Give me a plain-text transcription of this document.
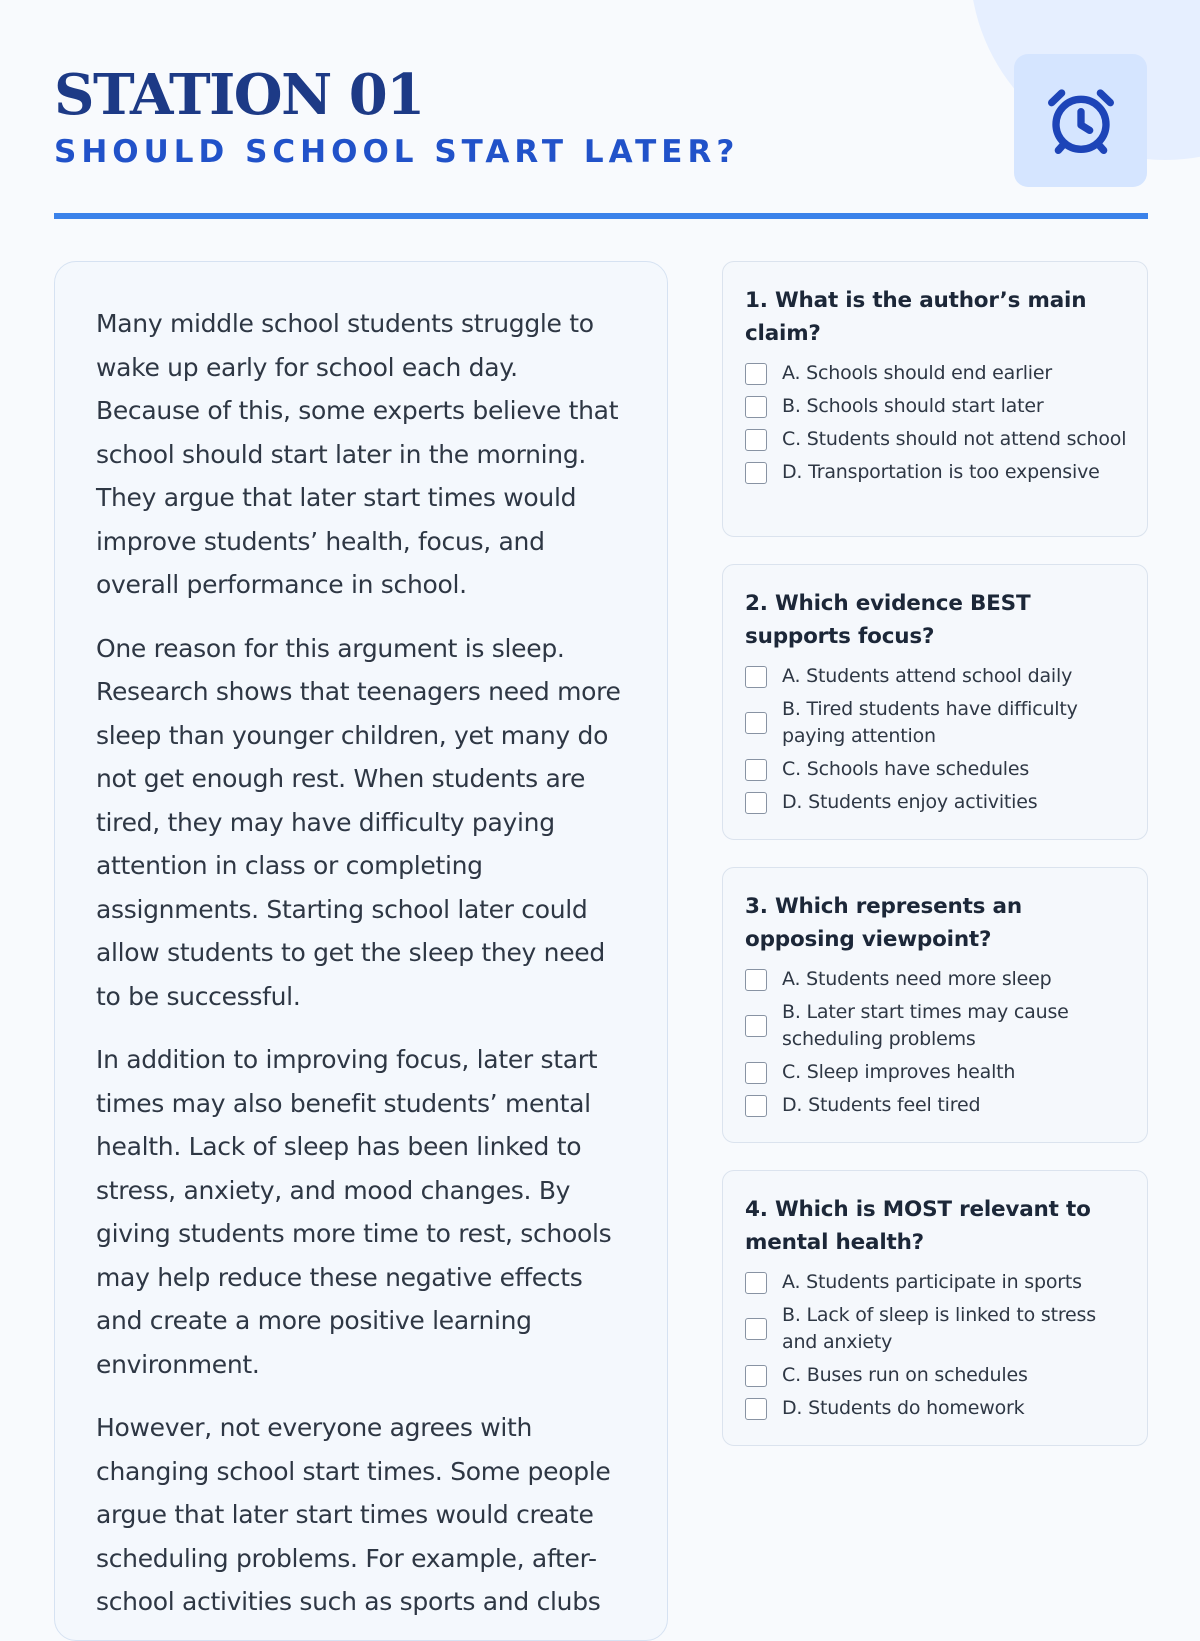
STATION 01
SHOULD SCHOOL START LATER?

Many middle school students struggle to wake up early for school each day. Because of this, some experts believe that school should start later in the morning. They argue that later start times would improve students’ health, focus, and overall performance in school.

One reason for this argument is sleep. Research shows that teenagers need more sleep than younger children, yet many do not get enough rest. When students are tired, they may have difficulty paying attention in class or completing assignments. Starting school later could allow students to get the sleep they need to be successful.

In addition to improving focus, later start times may also benefit students’ mental health. Lack of sleep has been linked to stress, anxiety, and mood changes. By giving students more time to rest, schools may help reduce these negative effects and create a more positive learning environment.

However, not everyone agrees with changing school start times. Some people argue that later start times would create scheduling problems. For example, after-school activities such as sports and clubs

1. What is the author’s main claim?
A. Schools should end earlier
B. Schools should start later
C. Students should not attend school
D. Transportation is too expensive
2. Which evidence BEST supports focus?
A. Students attend school daily
B. Tired students have difficulty paying attention
C. Schools have schedules
D. Students enjoy activities
3. Which represents an opposing viewpoint?
A. Students need more sleep
B. Later start times may cause scheduling problems
C. Sleep improves health
D. Students feel tired
4. Which is MOST relevant to mental health?
A. Students participate in sports
B. Lack of sleep is linked to stress and anxiety
C. Buses run on schedules
D. Students do homework
